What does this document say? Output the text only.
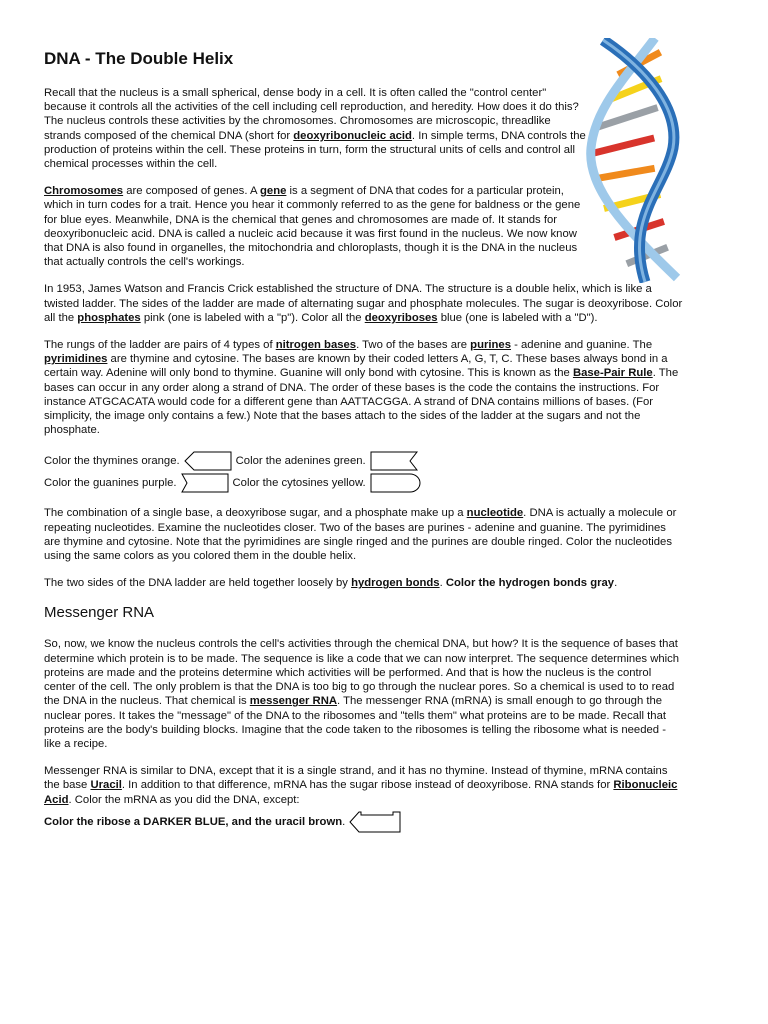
DNA - The Double Helix

Recall that the nucleus is a small spherical, dense body in a cell. It is often called the "control center" because it controls all the activities of the cell including cell reproduction, and heredity. How does it do this? The nucleus controls these activities by the chromosomes. Chromosomes are microscopic, threadlike strands composed of the chemical DNA (short for deoxyribonucleic acid. In simple terms, DNA controls the production of proteins within the cell. These proteins in turn, form the structural units of cells and control all chemical processes within the cell.

Chromosomes are composed of genes. A gene is a segment of DNA that codes for a particular protein, which in turn codes for a trait. Hence you hear it commonly referred to as the gene for baldness or the gene for blue eyes. Meanwhile, DNA is the chemical that genes and chromosomes are made of. It stands for deoxyribonucleic acid. DNA is called a nucleic acid because it was first found in the nucleus. We now know that DNA is also found in organelles, the mitochondria and chloroplasts, though it is the DNA in the nucleus that actually controls the cell's workings.

In 1953, James Watson and Francis Crick established the structure of DNA. The structure is a double helix, which is like a twisted ladder. The sides of the ladder are made of alternating sugar and phosphate molecules. The sugar is deoxyribose. Color all the phosphates pink (one is labeled with a "p"). Color all the deoxyriboses blue (one is labeled with a "D").

The rungs of the ladder are pairs of 4 types of nitrogen bases. Two of the bases are purines - adenine and guanine. The pyrimidines are thymine and cytosine. The bases are known by their coded letters A, G, T, C. These bases always bond in a certain way. Adenine will only bond to thymine. Guanine will only bond with cytosine. This is known as the Base-Pair Rule. The bases can occur in any order along a strand of DNA. The order of these bases is the code the contains the instructions. For instance ATGCACATA would code for a different gene than AATTACGGA. A strand of DNA contains millions of bases. (For simplicity, the image only contains a few.) Note that the bases attach to the sides of the ladder at the sugars and not the phosphate.

Color the thymines orange.	Color the adenines green.
Color the guanines purple.	Color the cytosines yellow.

The combination of a single base, a deoxyribose sugar, and a phosphate make up a nucleotide. DNA is actually a molecule or repeating nucleotides. Examine the nucleotides closer. Two of the bases are purines - adenine and guanine. The pyrimidines are thymine and cytosine. Note that the pyrimidines are single ringed and the purines are double ringed. Color the nucleotides using the same colors as you colored them in the double helix.

The two sides of the DNA ladder are held together loosely by hydrogen bonds. Color the hydrogen bonds gray.

Messenger RNA

So, now, we know the nucleus controls the cell's activities through the chemical DNA, but how? It is the sequence of bases that determine which protein is to be made. The sequence is like a code that we can now interpret. The sequence determines which proteins are made and the proteins determine which activities will be performed. And that is how the nucleus is the control center of the cell. The only problem is that the DNA is too big to go through the nuclear pores. So a chemical is used to to read the DNA in the nucleus. That chemical is messenger RNA. The messenger RNA (mRNA) is small enough to go through the nuclear pores. It takes the "message" of the DNA to the ribosomes and "tells them" what proteins are to be made. Recall that proteins are the body's building blocks. Imagine that the code taken to the ribosomes is telling the ribosome what is needed - like a recipe.

Messenger RNA is similar to DNA, except that it is a single strand, and it has no thymine. Instead of thymine, mRNA contains the base Uracil. In addition to that difference, mRNA has the sugar ribose instead of deoxyribose. RNA stands for Ribonucleic Acid. Color the mRNA as you did the DNA, except:

Color the ribose a DARKER BLUE, and the uracil brown .
